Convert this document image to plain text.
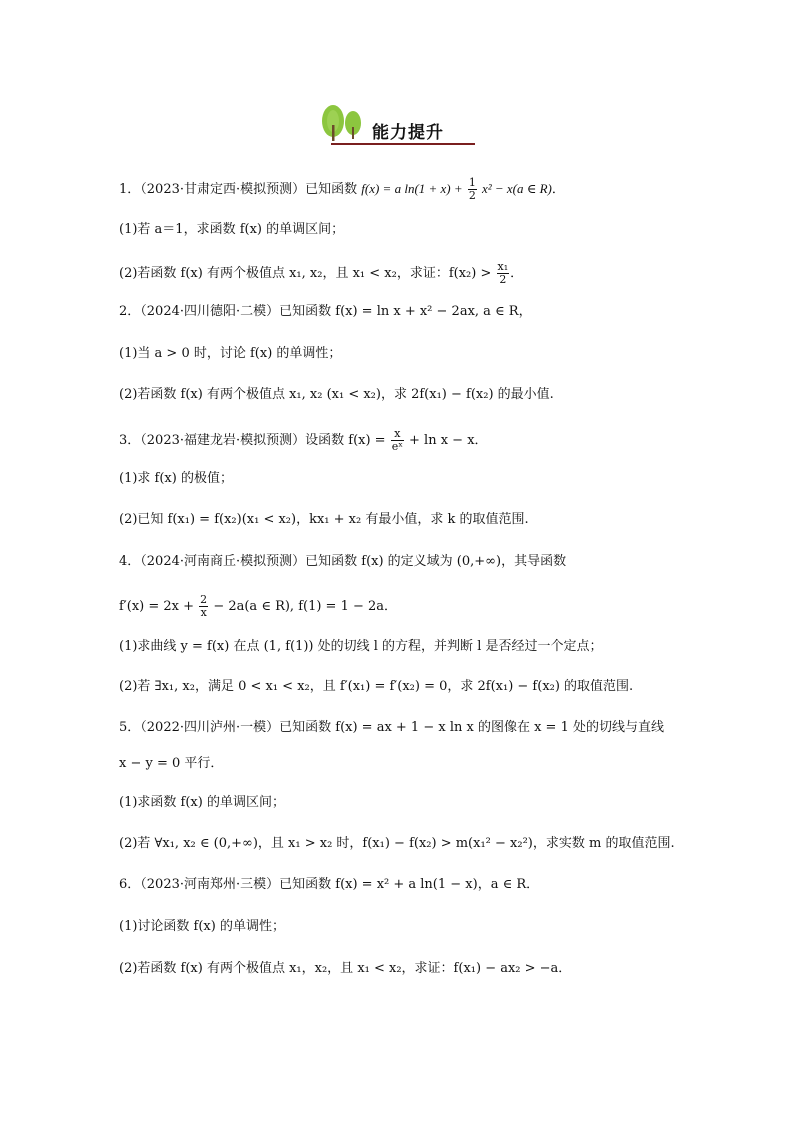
能力提升
1．（2023·甘肃定西·模拟预测）已知函数 f(x) = a $\ln(1 + x) + \frac{1}{2} x^2 - x(a$ ∈ R)．
(1)若 a＝1，求函数 f(x) 的单调区间；
(2)若函数 f(x) 有两个极值点 x₁, x₂，且 x₁ < x₂，求证：$f(x_2) > \frac{\text{x₁}}{2}$ ．
2．（2024·四川德阳·二模）已知函数 f(x) = ln x + x² − 2ax, a ∈ R，
(1)当 a > 0 时，讨论 f(x) 的单调性；
(2)若函数 f(x) 有两个极值点 x₁, x₂ (x₁ < x₂)，求 2f(x₁) − f(x₂) 的最小值.
3．（2023·福建龙岩·模拟预测）设函数 $f(x) = \frac{x}{\text{eˣ}} + \ln x - x$．
(1)求 f(x) 的极值；
(2)已知 f(x₁) = f(x₂)(x₁ < x₂)，kx₁ + x₂ 有最小值，求 k 的取值范围.
4．（2024·河南商丘·模拟预测）已知函数 f(x) 的定义域为 (0,+∞)，其导函数
$f'(x) = 2x + \frac{2}{x} - 2a(a$ ∈ R), f(1) = 1 − 2a．
(1)求曲线 y = f(x) 在点 (1, f(1)) 处的切线 l 的方程，并判断 l 是否经过一个定点；
(2)若 ∃x₁, x₂，满足 0 < x₁ < x₂，且 f′(x₁) = f′(x₂) = 0，求 2f(x₁) − f(x₂) 的取值范围.
5．（2022·四川泸州·一模）已知函数 f(x) = ax + 1 − x ln x 的图像在 x = 1 处的切线与直线
x − y = 0 平行．
(1)求函数 f(x) 的单调区间；
(2)若 ∀x₁, x₂ ∈ (0,+∞)，且 x₁ > x₂ 时，f(x₁) − f(x₂) > m(x₁² − x₂²)，求实数 m 的取值范围.
6．（2023·河南郑州·三模）已知函数 f(x) = x² + a ln(1 − x)，a ∈ R．
(1)讨论函数 f(x) 的单调性；
(2)若函数 f(x) 有两个极值点 x₁，x₂，且 x₁ < x₂，求证：f(x₁) − ax₂ > −a．
